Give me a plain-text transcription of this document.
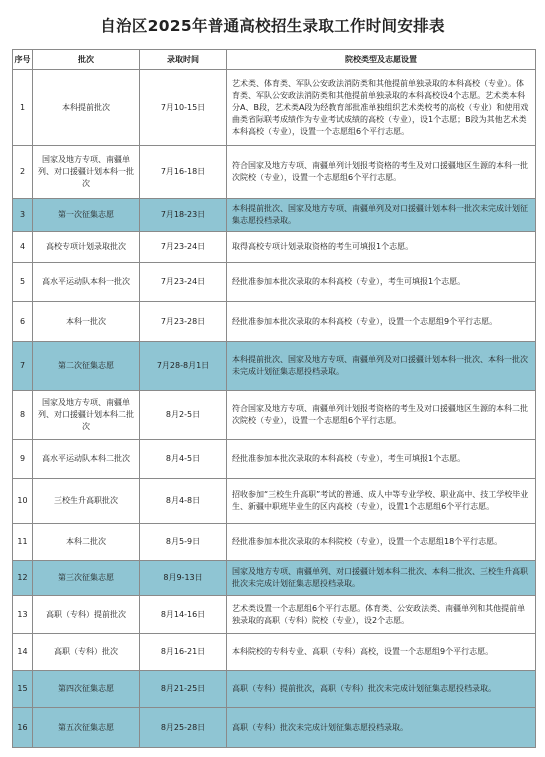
自治区2025年普通高校招生录取工作时间安排表
序号	批次	录取时间	院校类型及志愿设置
1	本科提前批次	7月10-15日	艺术类、体育类、军队公安政法消防类和其他提前单独录取的本科高校（专业）。体育类、军队公安政法消防类和其他提前单独录取的本科高校设4个志愿。艺术类本科分A、B段，艺术类A段为经教育部批准单独组织艺术类校考的高校（专业）和使用戏曲类省际联考成绩作为专业考试成绩的高校（专业），设1个志愿；B段为其他艺术类本科高校（专业），设置一个志愿组6个平行志愿。
2	国家及地方专项、南疆单列、对口援疆计划本科一批次	7月16-18日	符合国家及地方专项、南疆单列计划报考资格的考生及对口援疆地区生源的本科一批次院校（专业），设置一个志愿组6个平行志愿。
3	第一次征集志愿	7月18-23日	本科提前批次、国家及地方专项、南疆单列及对口援疆计划本科一批次未完成计划征集志愿投档录取。
4	高校专项计划录取批次	7月23-24日	取得高校专项计划录取资格的考生可填报1个志愿。
5	高水平运动队本科一批次	7月23-24日	经批准参加本批次录取的本科高校（专业），考生可填报1个志愿。
6	本科一批次	7月23-28日	经批准参加本批次录取的本科高校（专业），设置一个志愿组9个平行志愿。
7	第二次征集志愿	7月28-8月1日	本科提前批次、国家及地方专项、南疆单列及对口援疆计划本科一批次、本科一批次未完成计划征集志愿投档录取。
8	国家及地方专项、南疆单列、对口援疆计划本科二批次	8月2-5日	符合国家及地方专项、南疆单列计划报考资格的考生及对口援疆地区生源的本科二批次院校（专业），设置一个志愿组6个平行志愿。
9	高水平运动队本科二批次	8月4-5日	经批准参加本批次录取的本科高校（专业），考生可填报1个志愿。
10	三校生升高职批次	8月4-8日	招收参加“三校生升高职”考试的普通、成人中等专业学校、职业高中、技工学校毕业生、新疆中职班毕业生的区内高校（专业），设置1个志愿组6个平行志愿。
11	本科二批次	8月5-9日	经批准参加本批次录取的本科院校（专业），设置一个志愿组18个平行志愿。
12	第三次征集志愿	8月9-13日	国家及地方专项、南疆单列、对口援疆计划本科二批次、本科二批次、三校生升高职批次未完成计划征集志愿投档录取。
13	高职（专科）提前批次	8月14-16日	艺术类设置一个志愿组6个平行志愿。体育类、公安政法类、南疆单列和其他提前单独录取的高职（专科）院校（专业），设2个志愿。
14	高职（专科）批次	8月16-21日	本科院校的专科专业、高职（专科）高校，设置一个志愿组9个平行志愿。
15	第四次征集志愿	8月21-25日	高职（专科）提前批次，高职（专科）批次未完成计划征集志愿投档录取。
16	第五次征集志愿	8月25-28日	高职（专科）批次未完成计划征集志愿投档录取。
